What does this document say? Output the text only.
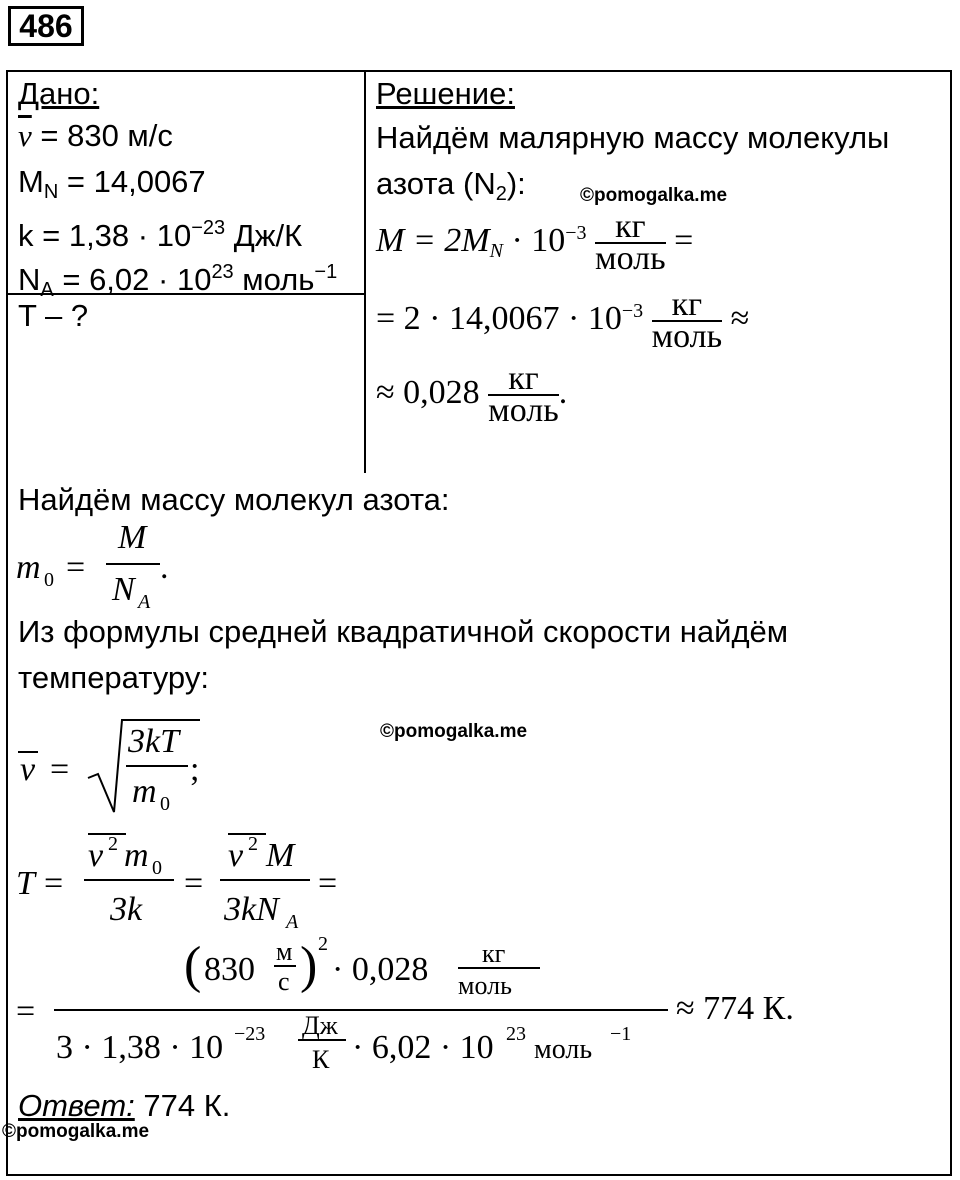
486
Дано:
$\overline{v} = 830$ м/с
$M_N = 14,0067$
$k = 1,38 \cdot 10^{-23}$ Дж/К
$N_A = 6,02 \cdot 10^{23}$ моль$^{-1}$
T – ?
Решение:
Найдём малярную массу молекулы
азота $(N_2)$:	©pomogalka.me
$M = 2M_N \cdot 10^{-3} \frac{кг}{\text{моль}}$ =
= $2 \cdot 14,0067 \cdot 10^{-3} \frac{кг}{\text{моль}}$ ≈
≈ $0,028 \frac{кг}{\text{моль}}$ .
Найдём массу молекул азота:
m 0 =
M
N A
.
Из формулы средней квадратичной скорости найдём
температуру:
©pomogalka.me
v =
3kT
m 0
;
T =
v 2 m 0
3k
=
v 2 M
3kN A
=
=
( 830 м
с ) 2
· 0,028 кг
моль
3 · 1,38 · 10 −23 Дж
К · 6,02 · 10 23 моль −1
≈ 774 К.
Ответ: 774 К.
©pomogalka.me
